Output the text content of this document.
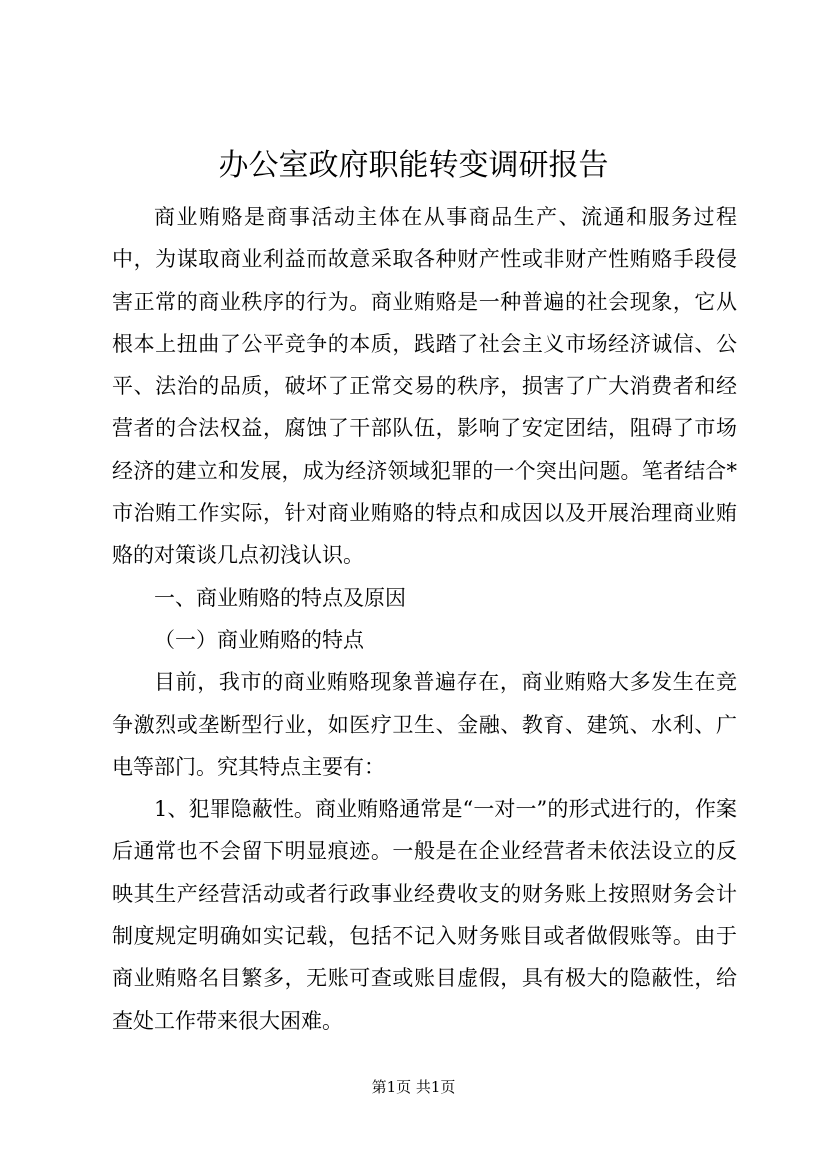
办公室政府职能转变调研报告

商业贿赂是商事活动主体在从事商品生产、流通和服务过程中，为谋取商业利益而故意采取各种财产性或非财产性贿赂手段侵害正常的商业秩序的行为。商业贿赂是一种普遍的社会现象，它从根本上扭曲了公平竞争的本质，践踏了社会主义市场经济诚信、公平、法治的品质，破坏了正常交易的秩序，损害了广大消费者和经营者的合法权益，腐蚀了干部队伍，影响了安定团结，阻碍了市场经济的建立和发展，成为经济领域犯罪的一个突出问题。笔者结合*市治贿工作实际，针对商业贿赂的特点和成因以及开展治理商业贿赂的对策谈几点初浅认识。

一、商业贿赂的特点及原因

（一）商业贿赂的特点

目前，我市的商业贿赂现象普遍存在，商业贿赂大多发生在竞争激烈或垄断型行业，如医疗卫生、金融、教育、建筑、水利、广电等部门。究其特点主要有：

1、犯罪隐蔽性。商业贿赂通常是“一对一”的形式进行的，作案后通常也不会留下明显痕迹。一般是在企业经营者未依法设立的反映其生产经营活动或者行政事业经费收支的财务账上按照财务会计制度规定明确如实记载，包括不记入财务账目或者做假账等。由于商业贿赂名目繁多，无账可查或账目虚假，具有极大的隐蔽性，给查处工作带来很大困难。

第1页 共1页
